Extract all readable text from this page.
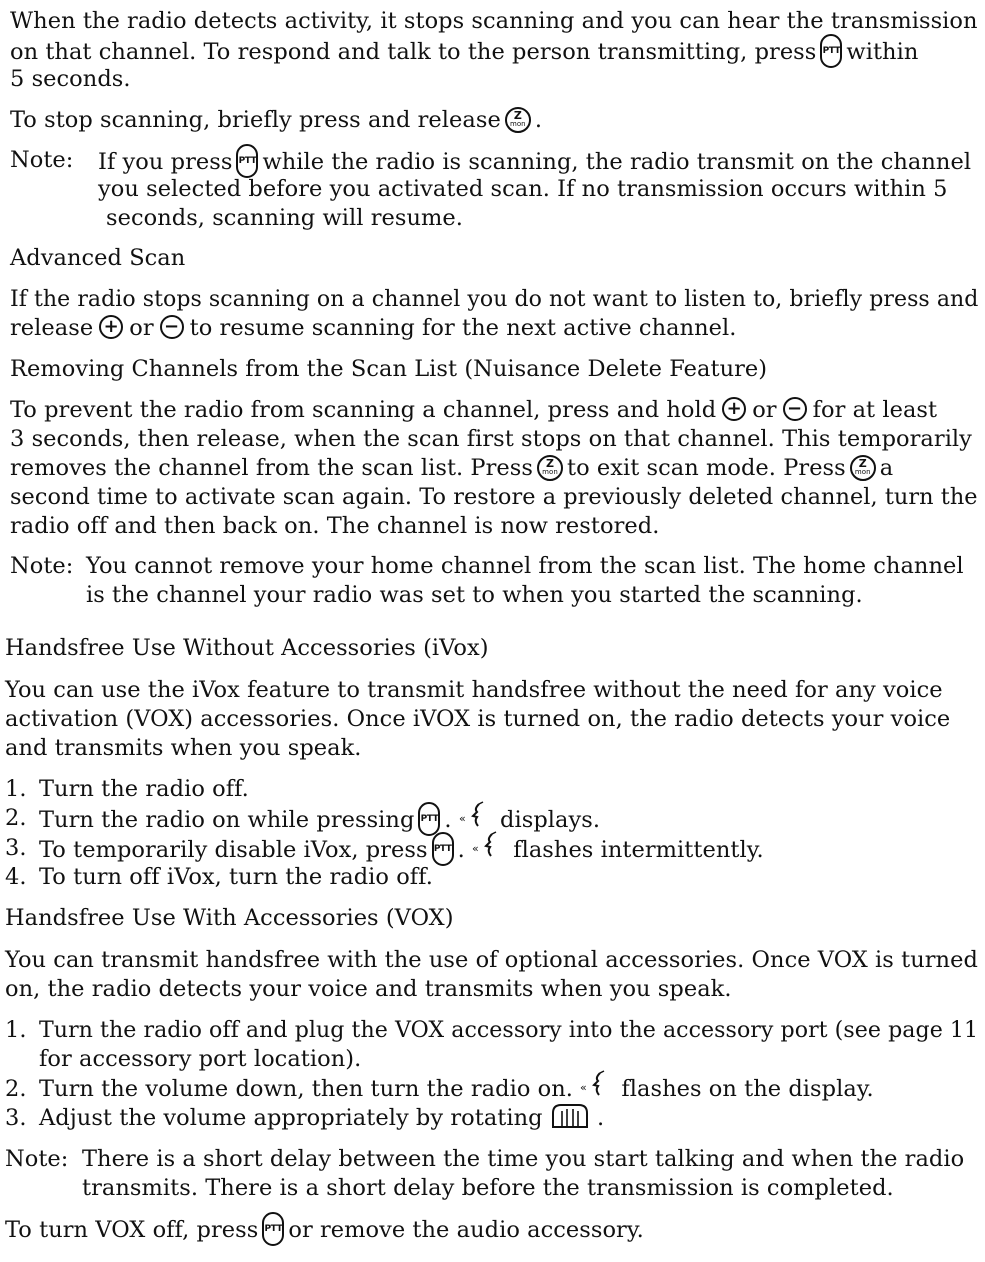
When the radio detects activity, it stops scanning and you can hear the transmission
on that channel. To respond and talk to the person transmitting, press PTT within
5 seconds.
To stop scanning, briefly press and release Z
mon .
Note: If you press PTT while the radio is scanning, the radio transmit on the channel
you selected before you activated scan. If no transmission occurs within 5
seconds, scanning will resume.
Advanced Scan
If the radio stops scanning on a channel you do not want to listen to, briefly press and
release + or − to resume scanning for the next active channel.
Removing Channels from the Scan List (Nuisance Delete Feature)
To prevent the radio from scanning a channel, press and hold + or − for at least
3 seconds, then release, when the scan first stops on that channel. This temporarily
removes the channel from the scan list. Press Z
mon to exit scan mode. Press Z
mon a
second time to activate scan again. To restore a previously deleted channel, turn the
radio off and then back on. The channel is now restored.
Note: You cannot remove your home channel from the scan list. The home channel
is the channel your radio was set to when you started the scanning.
Handsfree Use Without Accessories (iVox)
You can use the iVox feature to transmit handsfree without the need for any voice
activation (VOX) accessories. Once iVOX is turned on, the radio detects your voice
and transmits when you speak.
1. Turn the radio off.
2. Turn the radio on while pressing PTT . « displays.
3. To temporarily disable iVox, press PTT . « flashes intermittently.
4. To turn off iVox, turn the radio off.
Handsfree Use With Accessories (VOX)
You can transmit handsfree with the use of optional accessories. Once VOX is turned
on, the radio detects your voice and transmits when you speak.
1. Turn the radio off and plug the VOX accessory into the accessory port (see page 11
for accessory port location).
2. Turn the volume down, then turn the radio on. « flashes on the display.
3. Adjust the volume appropriately by rotating .
Note: There is a short delay between the time you start talking and when the radio
transmits. There is a short delay before the transmission is completed.
To turn VOX off, press PTT or remove the audio accessory.
